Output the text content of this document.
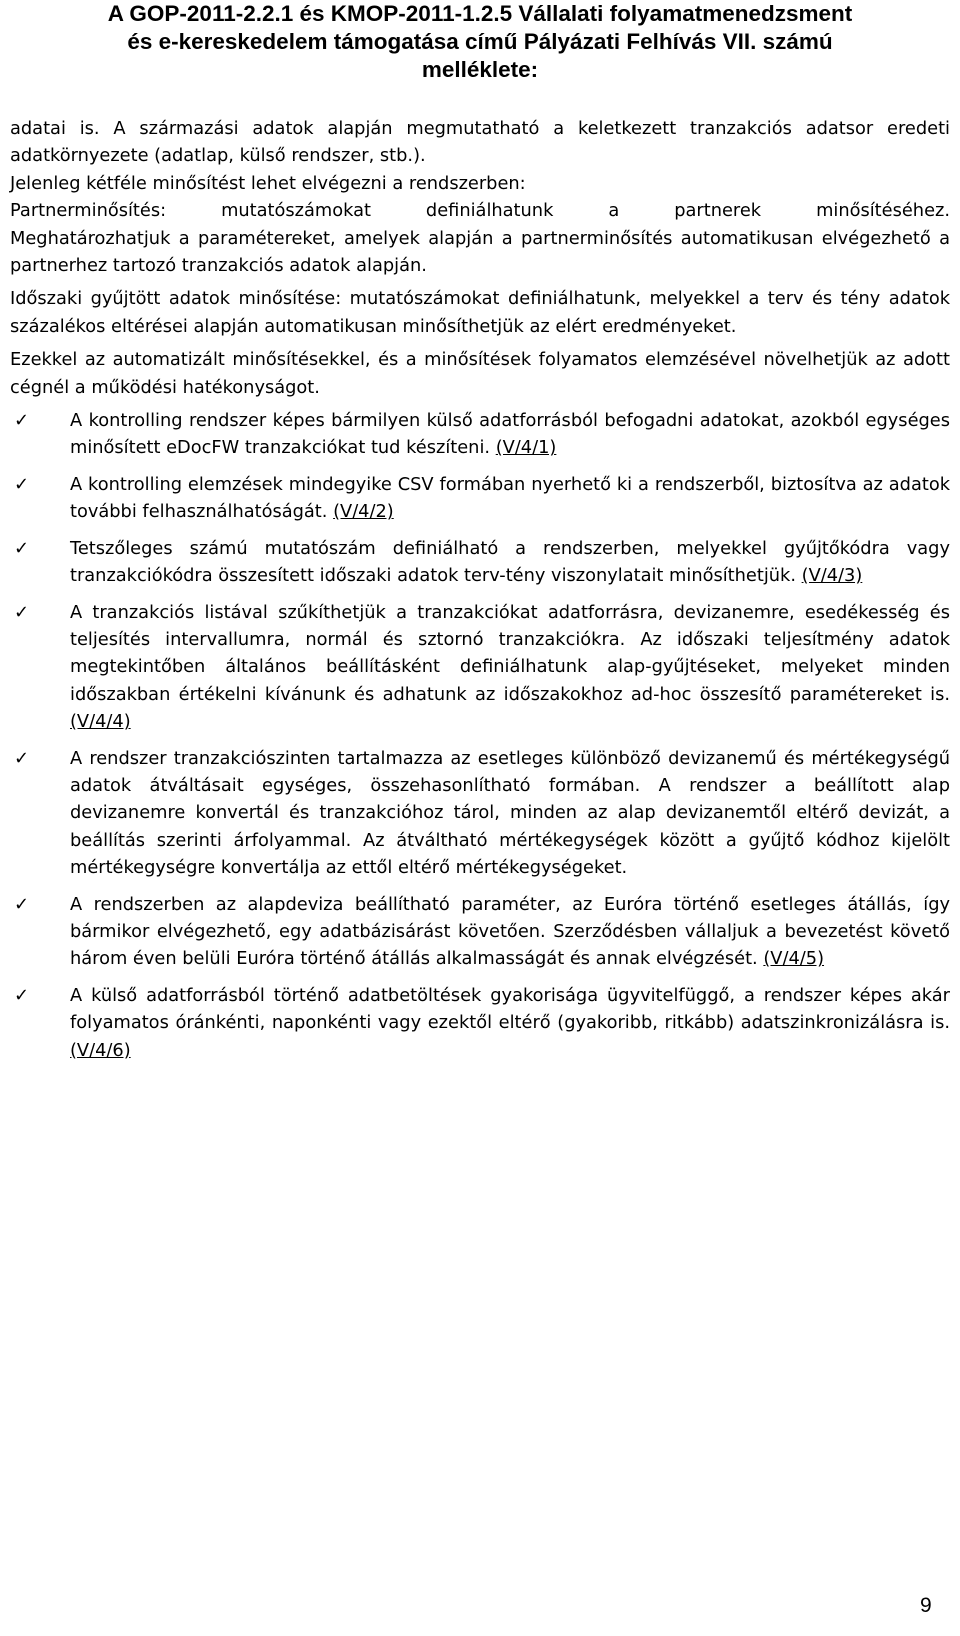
A GOP-2011-2.2.1 és KMOP-2011-1.2.5 Vállalati folyamatmenedzsment
és e-kereskedelem támogatása című Pályázati Felhívás VII. számú
melléklete:

adatai is. A származási adatok alapján megmutatható a keletkezett tranzakciós adatsor eredeti adatkörnyezete (adatlap, külső rendszer, stb.).

Jelenleg kétféle minősítést lehet elvégezni a rendszerben:

Partnerminősítés: mutatószámokat definiálhatunk a partnerek minősítéséhez.

Meghatározhatjuk a paramétereket, amelyek alapján a partnerminősítés automatikusan elvégezhető a partnerhez tartozó tranzakciós adatok alapján.

Időszaki gyűjtött adatok minősítése: mutatószámokat definiálhatunk, melyekkel a terv és tény adatok százalékos eltérései alapján automatikusan minősíthetjük az elért eredményeket.

Ezekkel az automatizált minősítésekkel, és a minősítések folyamatos elemzésével növelhetjük az adott cégnél a működési hatékonyságot.

✓ A kontrolling rendszer képes bármilyen külső adatforrásból befogadni adatokat, azokból egységes minősített eDocFW tranzakciókat tud készíteni. (V/4/1)
✓ A kontrolling elemzések mindegyike CSV formában nyerhető ki a rendszerből, biztosítva az adatok további felhasználhatóságát. (V/4/2)
✓ Tetszőleges számú mutatószám definiálható a rendszerben, melyekkel gyűjtőkódra vagy tranzakciókódra összesített időszaki adatok terv-tény viszonylatait minősíthetjük. (V/4/3)
✓ A tranzakciós listával szűkíthetjük a tranzakciókat adatforrásra, devizanemre, esedékesség és teljesítés intervallumra, normál és sztornó tranzakciókra. Az időszaki teljesítmény adatok megtekintőben általános beállításként definiálhatunk alap-gyűjtéseket, melyeket minden időszakban értékelni kívánunk és adhatunk az időszakokhoz ad-hoc összesítő paramétereket is. (V/4/4)
✓ A rendszer tranzakciószinten tartalmazza az esetleges különböző devizanemű és mértékegységű adatok átváltásait egységes, összehasonlítható formában. A rendszer a beállított alap devizanemre konvertál és tranzakcióhoz tárol, minden az alap devizanemtől eltérő devizát, a beállítás szerinti árfolyammal. Az átváltható mértékegységek között a gyűjtő kódhoz kijelölt mértékegységre konvertálja az ettől eltérő mértékegységeket.
✓ A rendszerben az alapdeviza beállítható paraméter, az Euróra történő esetleges átállás, így bármikor elvégezhető, egy adatbázisárást követően. Szerződésben vállaljuk a bevezetést követő három éven belüli Euróra történő átállás alkalmasságát és annak elvégzését. (V/4/5)
✓ A külső adatforrásból történő adatbetöltések gyakorisága ügyvitelfüggő, a rendszer képes akár folyamatos óránkénti, naponkénti vagy ezektől eltérő (gyakoribb, ritkább) adatszinkronizálásra is. (V/4/6)
9
